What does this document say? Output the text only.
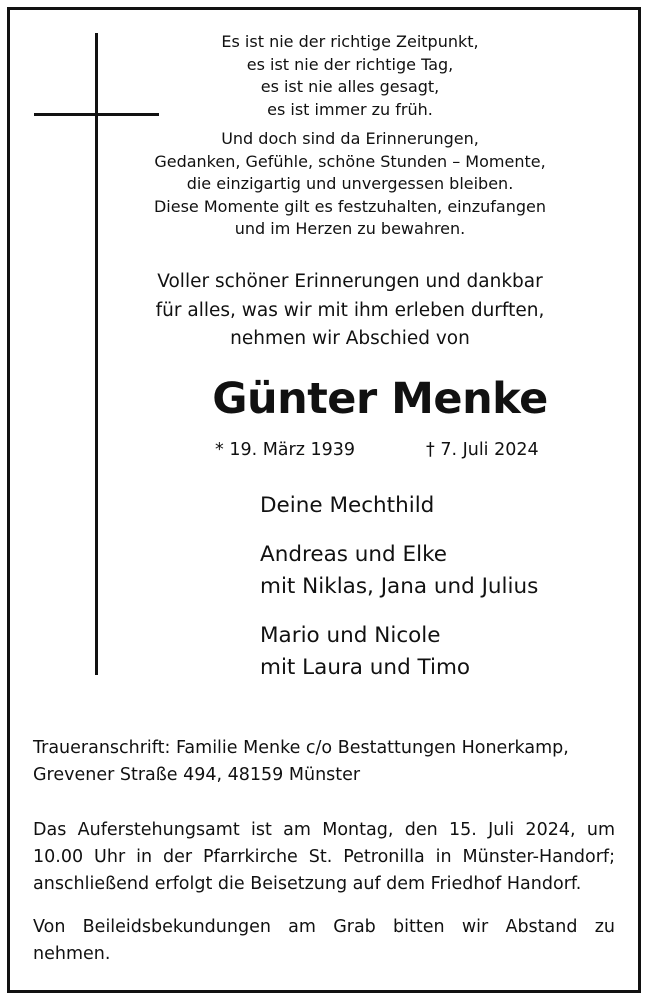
Es ist nie der richtige Zeitpunkt,

es ist nie der richtige Tag,

es ist nie alles gesagt,

es ist immer zu früh.

Und doch sind da Erinnerungen,

Gedanken, Gefühle, schöne Stunden – Momente,

die einzigartig und unvergessen bleiben.

Diese Momente gilt es festzuhalten, einzufangen

und im Herzen zu bewahren.

Voller schöner Erinnerungen und dankbar
für alles, was wir mit ihm erleben durften,
nehmen wir Abschied von
Günter Menke
* 19. März 1939	† 7. Juli 2024

Deine Mechthild

Andreas und Elke

mit Niklas, Jana und Julius

Mario und Nicole

mit Laura und Timo

Traueranschrift: Familie Menke c/o Bestattungen Honerkamp,

Grevener Straße 494, 48159 Münster

Das Auferstehungsamt ist am Montag, den 15. Juli 2024, um 10.00 Uhr in der Pfarrkirche St. Petronilla in Münster-Handorf; anschließend erfolgt die Beisetzung auf dem Friedhof Handorf.

Von Beileidsbekundungen am Grab bitten wir Abstand zu nehmen.
